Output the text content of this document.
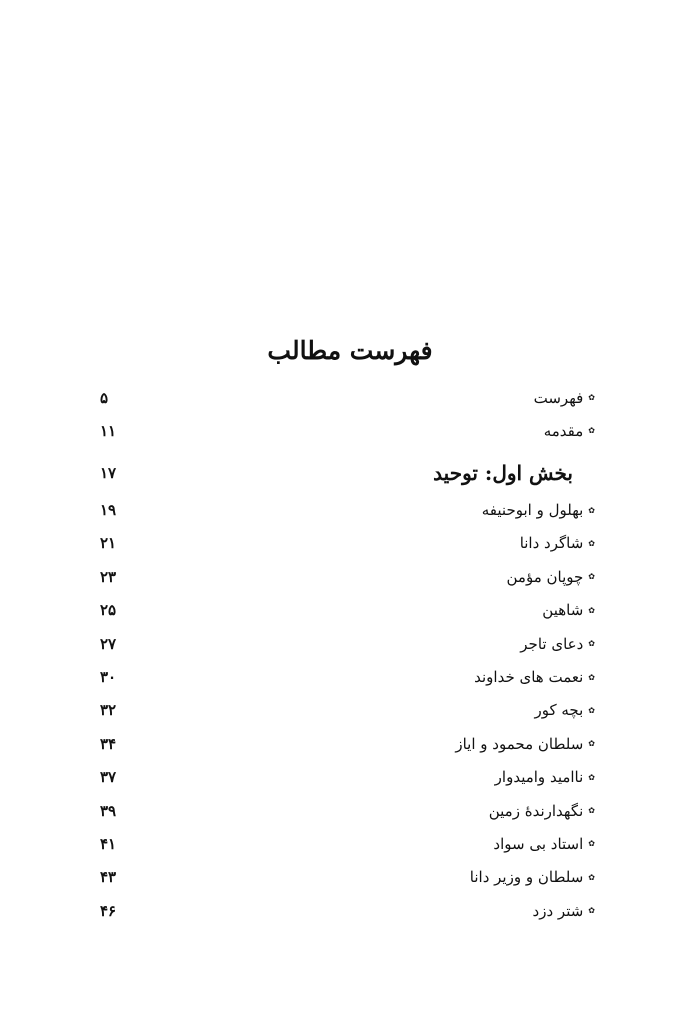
فهرست مطالب
✿
فهرست
۵
✿
مقدمه
۱۱
بخش اول: توحید
۱۷
✿
بهلول و ابوحنیفه
۱۹
✿
شاگرد دانا
۲۱
✿
چوپان مؤمن
۲۳
✿
شاهین
۲۵
✿
دعای تاجر
۲۷
✿
نعمت های خداوند
۳۰
✿
بچه کور
۳۲
✿
سلطان محمود و ایاز
۳۴
✿
ناامید وامیدوار
۳۷
✿
نگهدارندهٔ زمین
۳۹
✿
استاد بی سواد
۴۱
✿
سلطان و وزیر دانا
۴۳
✿
شتر دزد
۴۶
